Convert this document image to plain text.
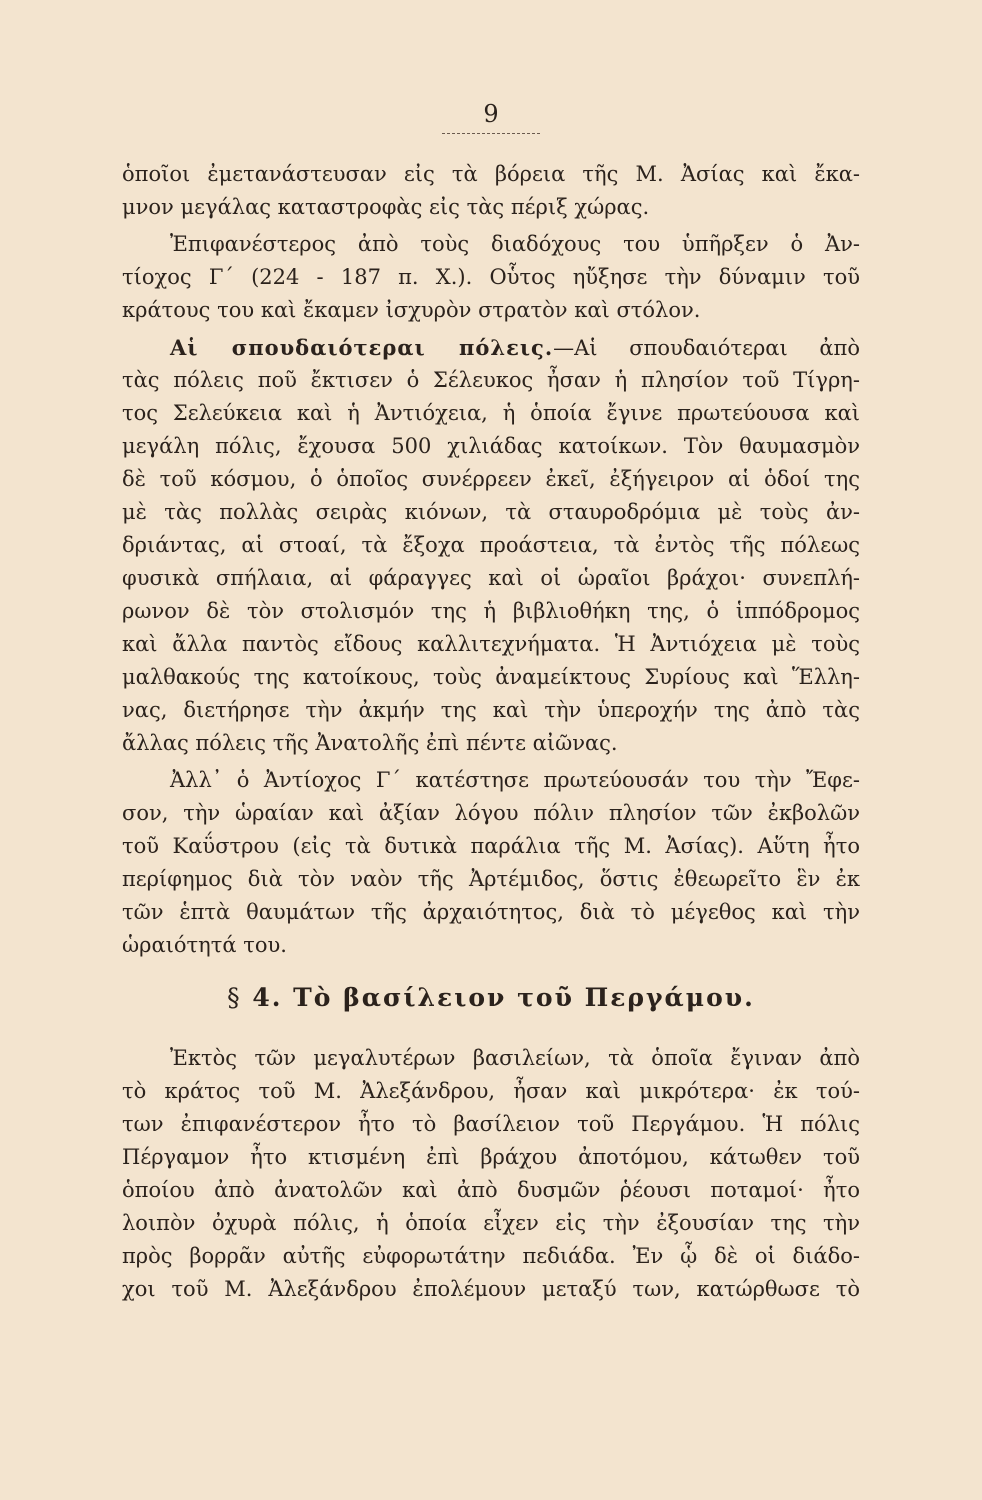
9
ὁποῖοι ἐμετανάστευσαν εἰς τὰ βόρεια τῆς Μ. Ἀσίας καὶ ἔκα-
μνον μεγάλας καταστροφὰς εἰς τὰς πέριξ χώρας.
Ἐπιφανέστερος ἀπὸ τοὺς διαδόχους του ὑπῆρξεν ὁ Ἀν-
τίοχος Γ΄ (224 - 187 π. Χ.). Οὗτος ηὔξησε τὴν δύναμιν τοῦ
κράτους του καὶ ἔκαμεν ἰσχυρὸν στρατὸν καὶ στόλον.
Αἱ σπουδαιότεραι πόλεις.—Αἱ σπουδαιότεραι ἀπὸ
τὰς πόλεις ποῦ ἔκτισεν ὁ Σέλευκος ἦσαν ἡ πλησίον τοῦ Τίγρη-
τος Σελεύκεια καὶ ἡ Ἀντιόχεια, ἡ ὁποία ἔγινε πρωτεύουσα καὶ
μεγάλη πόλις, ἔχουσα 500 χιλιάδας κατοίκων. Τὸν θαυμασμὸν
δὲ τοῦ κόσμου, ὁ ὁποῖος συνέρρεεν ἐκεῖ, ἐξήγειρον αἱ ὁδοί της
μὲ τὰς πολλὰς σειρὰς κιόνων, τὰ σταυροδρόμια μὲ τοὺς ἀν-
δριάντας, αἱ στοαί, τὰ ἔξοχα προάστεια, τὰ ἐντὸς τῆς πόλεως
φυσικὰ σπήλαια, αἱ φάραγγες καὶ οἱ ὡραῖοι βράχοι· συνεπλή-
ρωνον δὲ τὸν στολισμόν της ἡ βιβλιοθήκη της, ὁ ἱππόδρομος
καὶ ἄλλα παντὸς εἴδους καλλιτεχνήματα. Ἡ Ἀντιόχεια μὲ τοὺς
μαλθακούς της κατοίκους, τοὺς ἀναμείκτους Συρίους καὶ Ἕλλη-
νας, διετήρησε τὴν ἀκμήν της καὶ τὴν ὑπεροχήν της ἀπὸ τὰς
ἄλλας πόλεις τῆς Ἀνατολῆς ἐπὶ πέντε αἰῶνας.
Ἀλλ᾽ ὁ Ἀντίοχος Γ΄ κατέστησε πρωτεύουσάν του τὴν Ἔφε-
σον, τὴν ὡραίαν καὶ ἀξίαν λόγου πόλιν πλησίον τῶν ἐκβολῶν
τοῦ Καΰστρου (εἰς τὰ δυτικὰ παράλια τῆς Μ. Ἀσίας). Αὕτη ἦτο
περίφημος διὰ τὸν ναὸν τῆς Ἀρτέμιδος, ὅστις ἐθεωρεῖτο ἓν ἐκ
τῶν ἑπτὰ θαυμάτων τῆς ἀρχαιότητος, διὰ τὸ μέγεθος καὶ τὴν
ὡραιότητά του.
§ 4. Τὸ βασίλειον τοῦ Περγάμου.
Ἐκτὸς τῶν μεγαλυτέρων βασιλείων, τὰ ὁποῖα ἔγιναν ἀπὸ
τὸ κράτος τοῦ Μ. Ἀλεξάνδρου, ἦσαν καὶ μικρότερα· ἐκ τού-
των ἐπιφανέστερον ἦτο τὸ βασίλειον τοῦ Περγάμου. Ἡ πόλις
Πέργαμον ἦτο κτισμένη ἐπὶ βράχου ἀποτόμου, κάτωθεν τοῦ
ὁποίου ἀπὸ ἀνατολῶν καὶ ἀπὸ δυσμῶν ῥέουσι ποταμοί· ἦτο
λοιπὸν ὀχυρὰ πόλις, ἡ ὁποία εἶχεν εἰς τὴν ἐξουσίαν της τὴν
πρὸς βορρᾶν αὐτῆς εὐφορωτάτην πεδιάδα. Ἐν ᾧ δὲ οἱ διάδο-
χοι τοῦ Μ. Ἀλεξάνδρου ἐπολέμουν μεταξύ των, κατώρθωσε τὸ
